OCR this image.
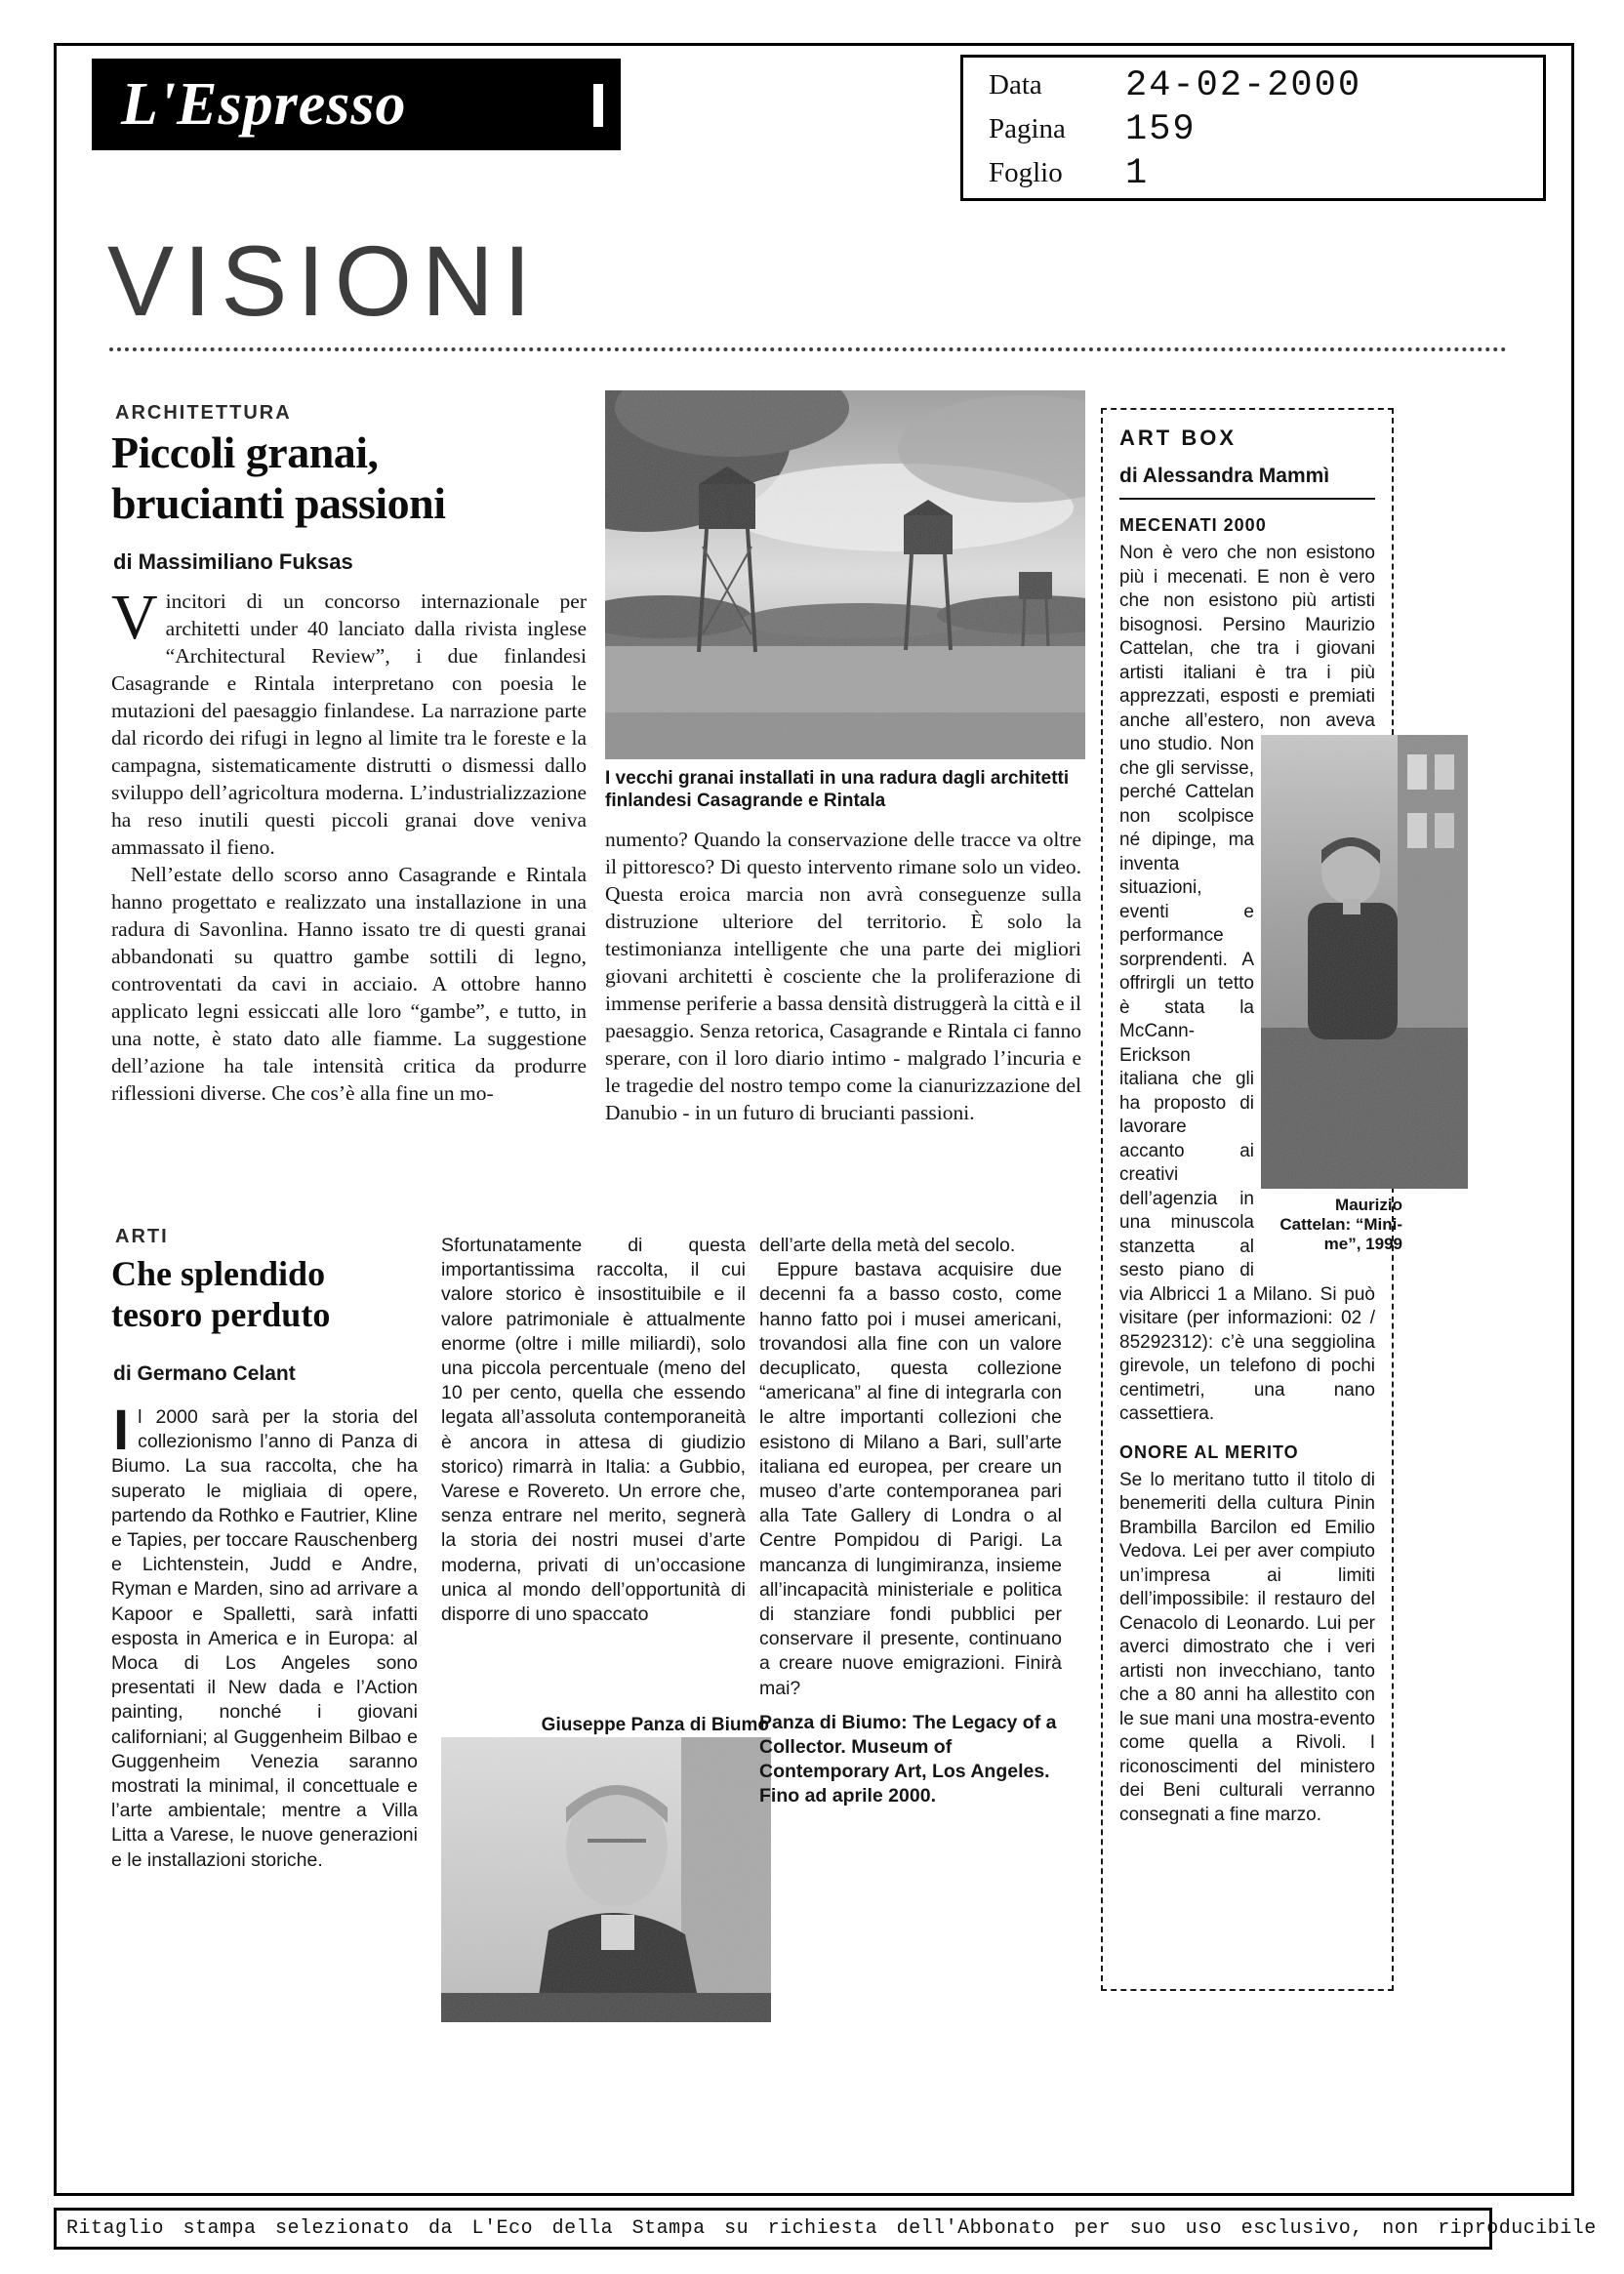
L'Espresso	Data	24-02-2000
Pagina	159
Foglio	1
VISIONI
ARCHITETTURA
Piccoli granai,
brucianti passioni
di Massimiliano Fuksas

Vincitori di un concorso internazionale per architetti under 40 lanciato dalla rivista inglese “Architectural Review”, i due finlandesi Casagrande e Rintala interpretano con poesia le mutazioni del paesaggio finlandese. La narrazione parte dal ricordo dei rifugi in legno al limite tra le foreste e la campagna, sistematicamente distrutti o dismessi dallo sviluppo dell’agricoltura moderna. L’industrializzazione ha reso inutili questi piccoli granai dove veniva ammassato il fieno.

Nell’estate dello scorso anno Casagrande e Rintala hanno progettato e realizzato una installazione in una radura di Savonlina. Hanno issato tre di questi granai abbandonati su quattro gambe sottili di legno, controventati da cavi in acciaio. A ottobre hanno applicato legni essiccati alle loro “gambe”, e tutto, in una notte, è stato dato alle fiamme. La suggestione dell’azione ha tale intensità critica da produrre riflessioni diverse. Che cos’è alla fine un mo-

I vecchi granai installati in una radura dagli architetti finlandesi Casagrande e Rintala

numento? Quando la conservazione delle tracce va oltre il pittoresco? Di questo intervento rimane solo un video. Questa eroica marcia non avrà conseguenze sulla distruzione ulteriore del territorio. È solo la testimonianza intelligente che una parte dei migliori giovani architetti è cosciente che la proliferazione di immense periferie a bassa densità distruggerà la città e il paesaggio. Senza retorica, Casagrande e Rintala ci fanno sperare, con il loro diario intimo - malgrado l’incuria e le tragedie del nostro tempo come la cianurizzazione del Danubio - in un futuro di brucianti passioni.

ART BOX
di Alessandra Mammì
MECENATI 2000

Non è vero che non esistono più i mecenati. E non è vero che non esistono più artisti bisognosi. Persino Maurizio Cattelan, che tra i giovani artisti italiani è tra i più apprezzati, esposti e premiati anche all’estero, non aveva uno studio.
Maurizio Cattelan: “Mini-me”, 1999
Non che gli servisse, perché Cattelan non scolpisce né dipinge, ma inventa situazioni, eventi e performance sorprendenti. A offrirgli un tetto è stata la McCann-Erickson italiana che gli ha proposto di lavorare accanto ai creativi dell’agenzia in una minuscola stanzetta al sesto piano di via Albricci 1 a Milano. Si può visitare (per informazioni: 02 / 85292312): c’è una seggiolina girevole, un telefono di pochi centimetri, una nano cassettiera.

ONORE AL MERITO

Se lo meritano tutto il titolo di benemeriti della cultura Pinin Brambilla Barcilon ed Emilio Vedova. Lei per aver compiuto un’impresa ai limiti dell’impossibile: il restauro del Cenacolo di Leonardo. Lui per averci dimostrato che i veri artisti non invecchiano, tanto che a 80 anni ha allestito con le sue mani una mostra-evento come quella a Rivoli. I riconoscimenti del ministero dei Beni culturali verranno consegnati a fine marzo.

ARTI
Che splendido
tesoro perduto
di Germano Celant

Il 2000 sarà per la storia del collezionismo l’anno di Panza di Biumo. La sua raccolta, che ha superato le migliaia di opere, partendo da Rothko e Fautrier, Kline e Tapies, per toccare Rauschenberg e Lichtenstein, Judd e Andre, Ryman e Marden, sino ad arrivare a Kapoor e Spalletti, sarà infatti esposta in America e in Europa: al Moca di Los Angeles sono presentati il New dada e l’Action painting, nonché i giovani californiani; al Guggenheim Bilbao e Guggenheim Venezia saranno mostrati la minimal, il concettuale e l’arte ambientale; mentre a Villa Litta a Varese, le nuove generazioni e le installazioni storiche.

Sfortunatamente di questa importantissima raccolta, il cui valore storico è insostituibile e il valore patrimoniale è attualmente enorme (oltre i mille miliardi), solo una piccola percentuale (meno del 10 per cento, quella che essendo legata all’assoluta contemporaneità è ancora in attesa di giudizio storico) rimarrà in Italia: a Gubbio, Varese e Rovereto. Un errore che, senza entrare nel merito, segnerà la storia dei nostri musei d’arte moderna, privati di un’occasione unica al mondo dell’opportunità di disporre di uno spaccato

Giuseppe Panza di Biumo

dell’arte della metà del secolo.

Eppure bastava acquisire due decenni fa a basso costo, come hanno fatto poi i musei americani, trovandosi alla fine con un valore decuplicato, questa collezione “americana” al fine di integrarla con le altre importanti collezioni che esistono di Milano a Bari, sull’arte italiana ed europea, per creare un museo d’arte contemporanea pari alla Tate Gallery di Londra o al Centre Pompidou di Parigi. La mancanza di lungimiranza, insieme all’incapacità ministeriale e politica di stanziare fondi pubblici per conservare il presente, continuano a creare nuove emigrazioni. Finirà mai?

Panza di Biumo: The Legacy of a Collector. Museum of Contemporary Art, Los Angeles. Fino ad aprile 2000.

Ritaglio stampa selezionato da L'Eco della Stampa su richiesta dell'Abbonato per suo uso esclusivo, non riproducibile
